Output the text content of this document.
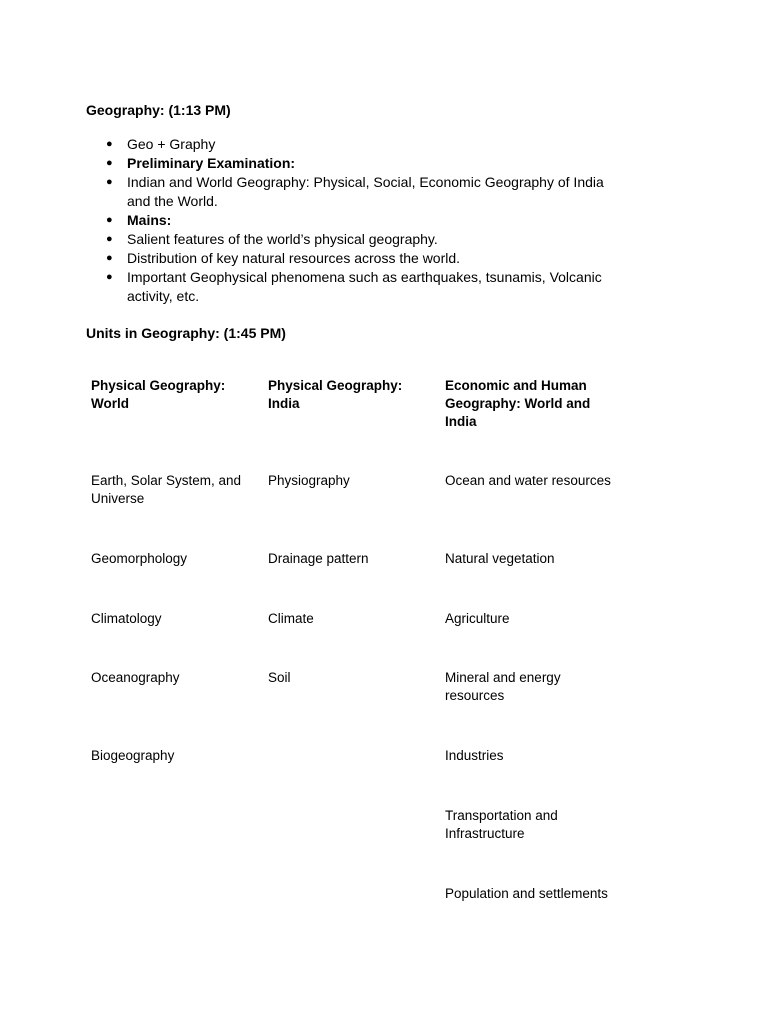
Geography: (1:13 PM)
● Geo + Graphy
● Preliminary Examination:
● Indian and World Geography: Physical, Social, Economic Geography of India and the World.
● Mains:
● Salient features of the world’s physical geography.
● Distribution of key natural resources across the world.
● Important Geophysical phenomena such as earthquakes, tsunamis, Volcanic activity, etc.
Units in Geography: (1:45 PM)
Physical Geography: World	Physical Geography: India	Economic and Human Geography: World and India
Earth, Solar System, and Universe	Physiography	Ocean and water resources
Geomorphology	Drainage pattern	Natural vegetation
Climatology	Climate	Agriculture
Oceanography	Soil	Mineral and energy resources
Biogeography		Industries
		Transportation and Infrastructure
		Population and settlements
